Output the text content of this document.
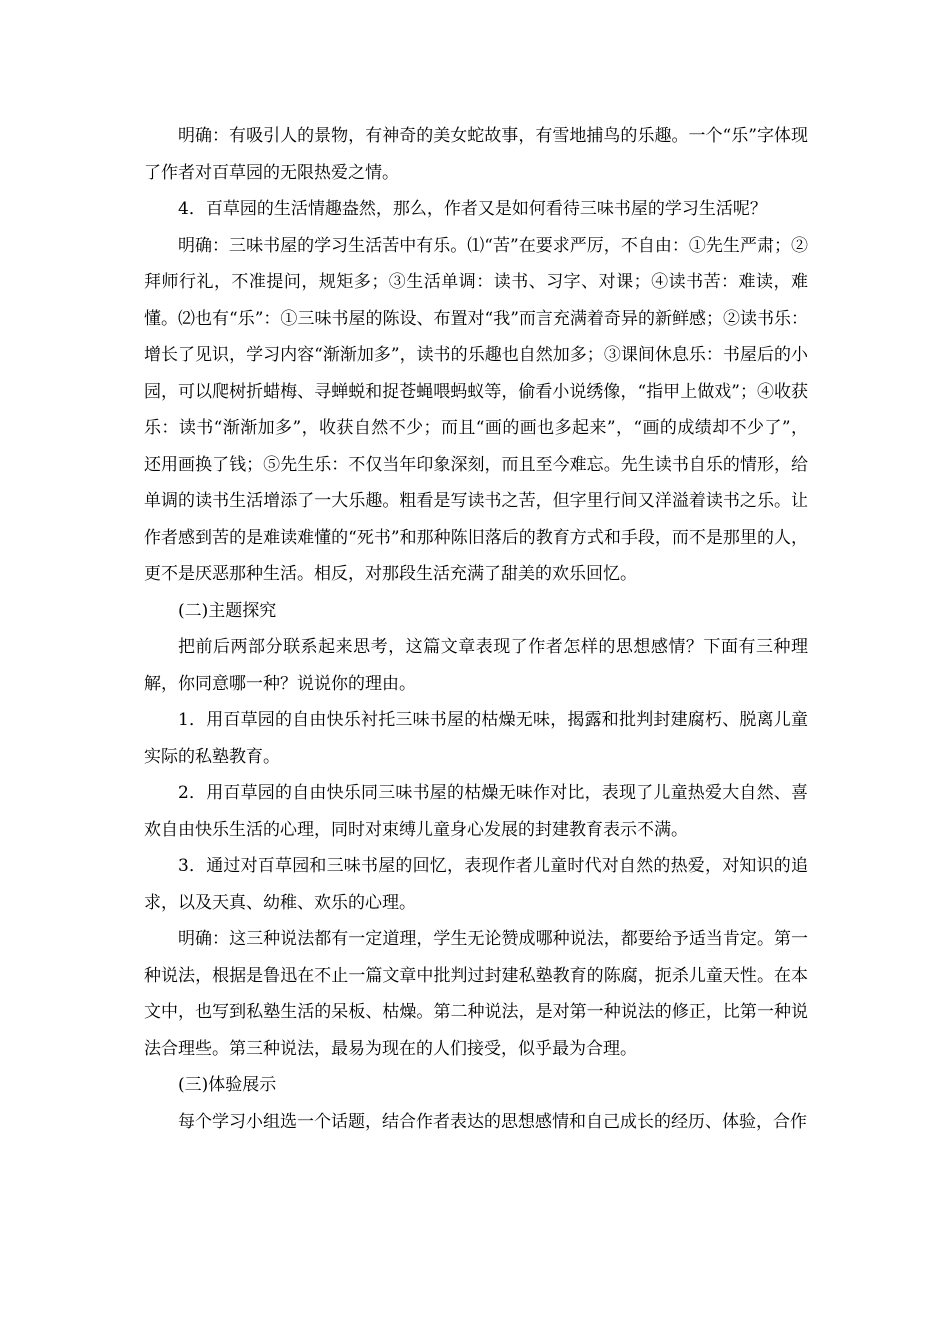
明确：有吸引人的景物，有神奇的美女蛇故事，有雪地捕鸟的乐趣。一个“乐”字体现了作者对百草园的无限热爱之情。

4．百草园的生活情趣盎然，那么，作者又是如何看待三味书屋的学习生活呢？

明确：三味书屋的学习生活苦中有乐。⑴“苦”在要求严厉，不自由：①先生严肃；②拜师行礼，不准提问，规矩多；③生活单调：读书、习字、对课；④读书苦：难读，难懂。⑵也有“乐”：①三味书屋的陈设、布置对“我”而言充满着奇异的新鲜感；②读书乐：增长了见识，学习内容“渐渐加多”，读书的乐趣也自然加多；③课间休息乐：书屋后的小园，可以爬树折蜡梅、寻蝉蜕和捉苍蝇喂蚂蚁等，偷看小说绣像，“指甲上做戏”；④收获乐：读书“渐渐加多”，收获自然不少；而且“画的画也多起来”，“画的成绩却不少了”，还用画换了钱；⑤先生乐：不仅当年印象深刻，而且至今难忘。先生读书自乐的情形，给单调的读书生活增添了一大乐趣。粗看是写读书之苦，但字里行间又洋溢着读书之乐。让作者感到苦的是难读难懂的“死书”和那种陈旧落后的教育方式和手段，而不是那里的人，更不是厌恶那种生活。相反，对那段生活充满了甜美的欢乐回忆。

(二)主题探究

把前后两部分联系起来思考，这篇文章表现了作者怎样的思想感情？下面有三种理解，你同意哪一种？说说你的理由。

1．用百草园的自由快乐衬托三味书屋的枯燥无味，揭露和批判封建腐朽、脱离儿童实际的私塾教育。

2．用百草园的自由快乐同三味书屋的枯燥无味作对比，表现了儿童热爱大自然、喜欢自由快乐生活的心理，同时对束缚儿童身心发展的封建教育表示不满。

3．通过对百草园和三味书屋的回忆，表现作者儿童时代对自然的热爱，对知识的追求，以及天真、幼稚、欢乐的心理。

明确：这三种说法都有一定道理，学生无论赞成哪种说法，都要给予适当肯定。第一种说法，根据是鲁迅在不止一篇文章中批判过封建私塾教育的陈腐，扼杀儿童天性。在本文中，也写到私塾生活的呆板、枯燥。第二种说法，是对第一种说法的修正，比第一种说法合理些。第三种说法，最易为现在的人们接受，似乎最为合理。

(三)体验展示

每个学习小组选一个话题，结合作者表达的思想感情和自己成长的经历、体验，合作
